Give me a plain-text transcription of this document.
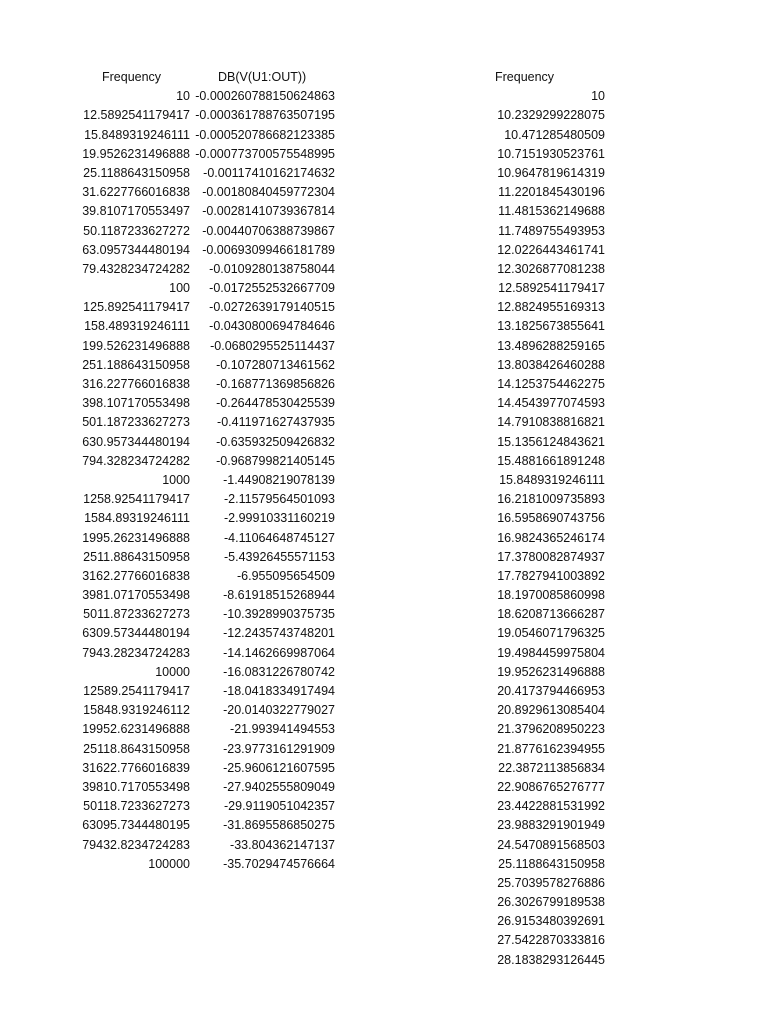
Frequency	DB(V(U1:OUT))
10 -0.000260788150624863
12.5892541179417 -0.000361788763507195
15.8489319246111 -0.000520786682123385
19.9526231496888 -0.000773700575548995
25.1188643150958	-0.00117410162174632
31.6227766016838 -0.00180840459772304
39.8107170553497 -0.00281410739367814
50.1187233627272 -0.00440706388739867
63.0957344480194 -0.00693099466181789
79.4328234724282	-0.0109280138758044
100	-0.0172552532667709
125.892541179417	-0.0272639179140515
158.489319246111	-0.0430800694784646
199.526231496888	-0.0680295525114437
251.188643150958	-0.107280713461562
316.227766016838	-0.168771369856826
398.107170553498	-0.264478530425539
501.187233627273	-0.411971627437935
630.957344480194	-0.635932509426832
794.328234724282	-0.968799821405145
1000	-1.44908219078139
1258.92541179417	-2.11579564501093
1584.89319246111	-2.99910331160219
1995.26231496888	-4.11064648745127
2511.88643150958	-5.43926455571153
3162.27766016838	-6.955095654509
3981.07170553498	-8.61918515268944
5011.87233627273	-10.3928990375735
6309.57344480194	-12.2435743748201
7943.28234724283	-14.1462669987064
10000	-16.0831226780742
12589.2541179417	-18.0418334917494
15848.9319246112	-20.0140322779027
19952.6231496888	-21.993941494553
25118.8643150958	-23.9773161291909
31622.7766016839	-25.9606121607595
39810.7170553498	-27.9402555809049
50118.7233627273	-29.9119051042357
63095.7344480195	-31.8695586850275
79432.8234724283	-33.804362147137
100000	-35.7029474576664
Frequency
10
10.2329299228075
10.471285480509
10.7151930523761
10.9647819614319
11.2201845430196
11.4815362149688
11.7489755493953
12.0226443461741
12.3026877081238
12.5892541179417
12.8824955169313
13.1825673855641
13.4896288259165
13.8038426460288
14.1253754462275
14.4543977074593
14.7910838816821
15.1356124843621
15.4881661891248
15.8489319246111
16.2181009735893
16.5958690743756
16.9824365246174
17.3780082874937
17.7827941003892
18.1970085860998
18.6208713666287
19.0546071796325
19.4984459975804
19.9526231496888
20.4173794466953
20.8929613085404
21.3796208950223
21.8776162394955
22.3872113856834
22.9086765276777
23.4422881531992
23.9883291901949
24.5470891568503
25.1188643150958
25.7039578276886
26.3026799189538
26.9153480392691
27.5422870333816
28.1838293126445
